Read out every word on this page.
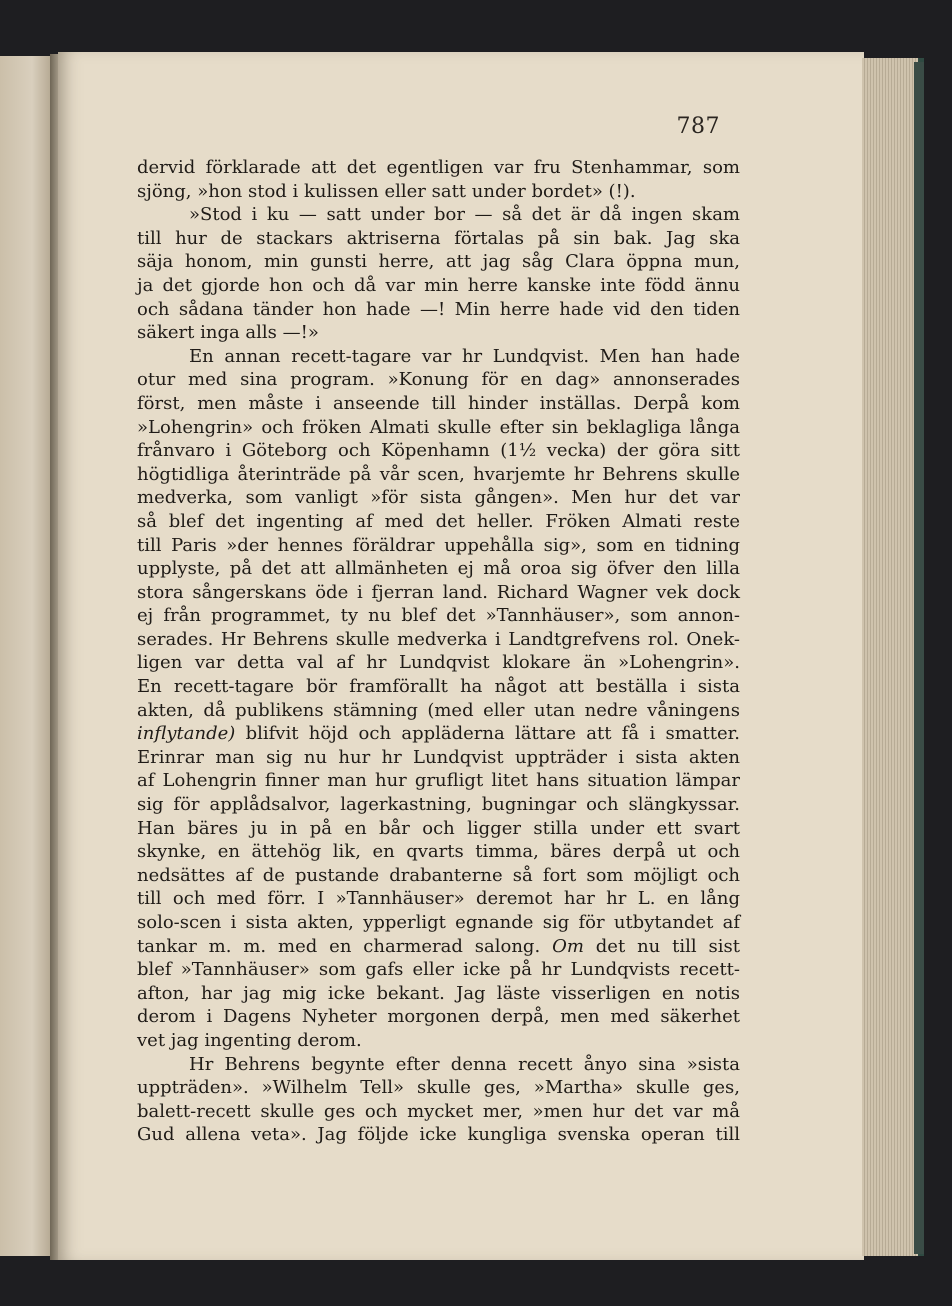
787
dervid förklarade att det egentligen var fru Stenhammar, som
sjöng, »hon stod i kulissen eller satt under bordet» (!).
»Stod i ku — satt under bor — så det är då ingen skam
till hur de stackars aktriserna förtalas på sin bak. Jag ska
säja honom, min gunsti herre, att jag såg Clara öppna mun,
ja det gjorde hon och då var min herre kanske inte född ännu
och sådana tänder hon hade —! Min herre hade vid den tiden
säkert inga alls —!»
En annan recett-tagare var hr Lundqvist. Men han hade
otur med sina program. »Konung för en dag» annonserades
först, men måste i anseende till hinder inställas. Derpå kom
»Lohengrin» och fröken Almati skulle efter sin beklagliga långa
frånvaro i Göteborg och Köpenhamn (1½ vecka) der göra sitt
högtidliga återinträde på vår scen, hvarjemte hr Behrens skulle
medverka, som vanligt »för sista gången». Men hur det var
så blef det ingenting af med det heller. Fröken Almati reste
till Paris »der hennes föräldrar uppehålla sig», som en tidning
upplyste, på det att allmänheten ej må oroa sig öfver den lilla
stora sångerskans öde i fjerran land. Richard Wagner vek dock
ej från programmet, ty nu blef det »Tannhäuser», som annon-
serades. Hr Behrens skulle medverka i Landtgrefvens rol. Onek-
ligen var detta val af hr Lundqvist klokare än »Lohengrin».
En recett-tagare bör framförallt ha något att beställa i sista
akten, då publikens stämning (med eller utan nedre våningens
inflytande) blifvit höjd och appläderna lättare att få i smatter.
Erinrar man sig nu hur hr Lundqvist uppträder i sista akten
af Lohengrin finner man hur grufligt litet hans situation lämpar
sig för applådsalvor, lagerkastning, bugningar och slängkyssar.
Han bäres ju in på en bår och ligger stilla under ett svart
skynke, en ättehög lik, en qvarts timma, bäres derpå ut och
nedsättes af de pustande drabanterne så fort som möjligt och
till och med förr. I »Tannhäuser» deremot har hr L. en lång
solo-scen i sista akten, ypperligt egnande sig för utbytandet af
tankar m. m. med en charmerad salong. Om det nu till sist
blef »Tannhäuser» som gafs eller icke på hr Lundqvists recett-
afton, har jag mig icke bekant. Jag läste visserligen en notis
derom i Dagens Nyheter morgonen derpå, men med säkerhet
vet jag ingenting derom.
Hr Behrens begynte efter denna recett ånyo sina »sista
uppträden». »Wilhelm Tell» skulle ges, »Martha» skulle ges,
balett-recett skulle ges och mycket mer, »men hur det var må
Gud allena veta». Jag följde icke kungliga svenska operan till
